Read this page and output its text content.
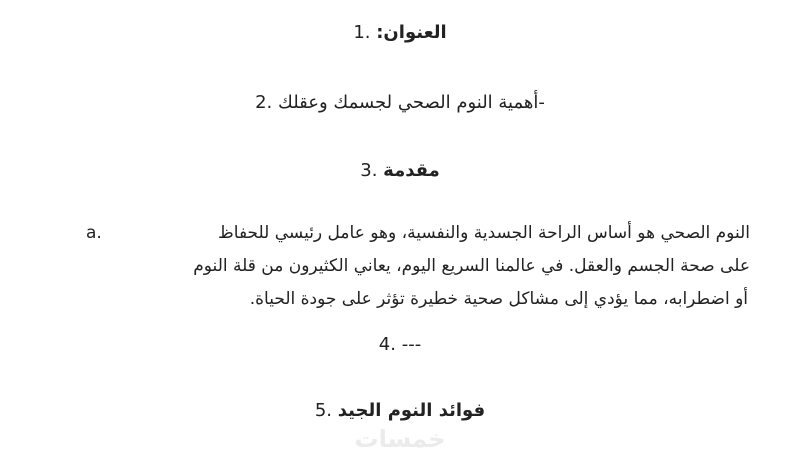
1. العنوان:
2. -أهمية النوم الصحي لجسمك وعقلك
3. مقدمة
a.	النوم الصحي هو أساس الراحة الجسدية والنفسية، وهو عامل رئيسي للحفاظ
على صحة الجسم والعقل. في عالمنا السريع اليوم، يعاني الكثيرون من قلة النوم
أو اضطرابه، مما يؤدي إلى مشاكل صحية خطيرة تؤثر على جودة الحياة.
4. ---
5. فوائد النوم الجيد
خمسات
